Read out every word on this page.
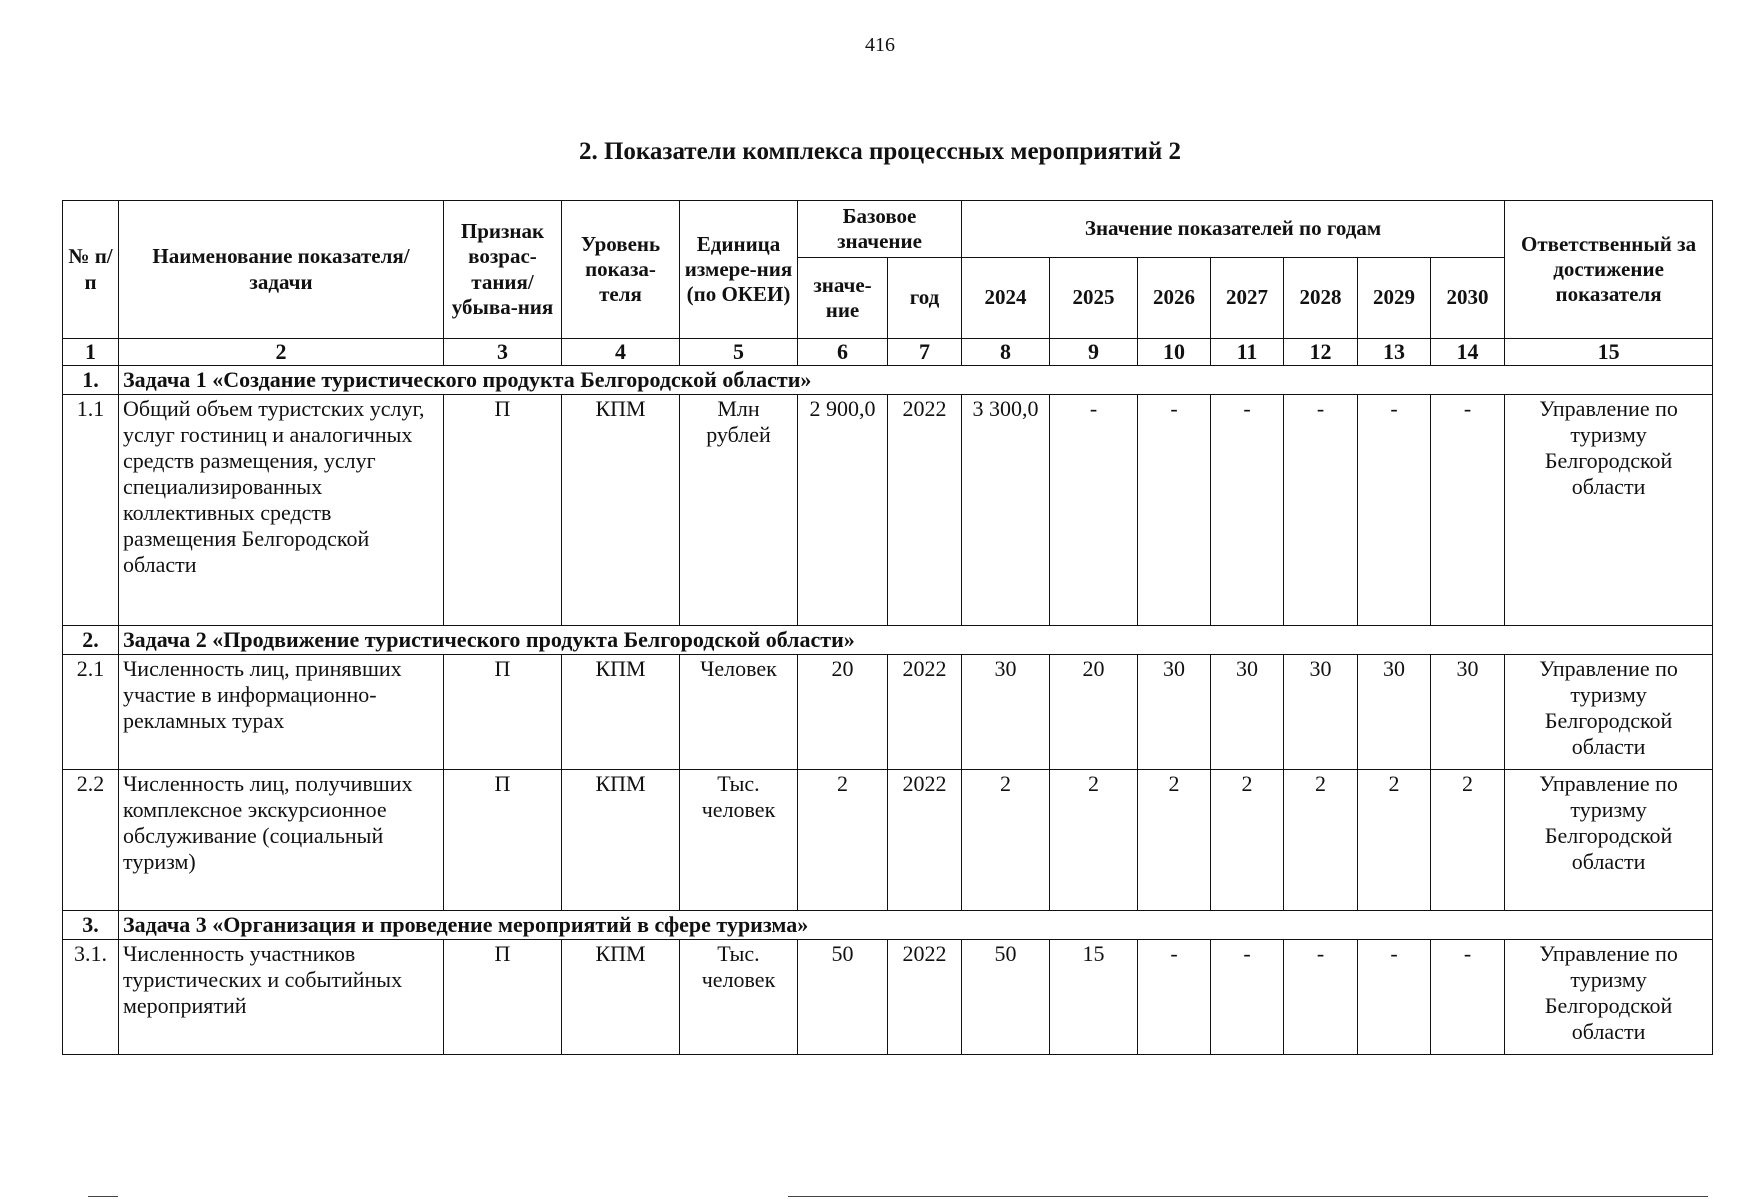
416
2. Показатели комплекса процессных мероприятий 2
№ п/п	Наименование показателя/задачи	Признак возрас-тания/ убыва-ния	Уровень показа-теля	Единица измере-ния (по ОКЕИ)	Базовое значение		Значение показателей по годам							Ответственный за достижение показателя
					значе-ние	год	2024	2025	2026	2027	2028	2029	2030	
1	2	3	4	5	6	7	8	9	10	11	12	13	14	15
1.	Задача 1 «Создание туристического продукта Белгородской области»													
1.1	Общий объем туристских услуг, услуг гостиниц и аналогичных средств размещения, услуг специализированных коллективных средств размещения Белгородской области	П	КПМ	Млн рублей	2 900,0	2022	3 300,0	-	-	-	-	-	-	Управление по туризму Белгородской области
2.	Задача 2 «Продвижение туристического продукта Белгородской области»													
2.1	Численность лиц, принявших участие в информационно-рекламных турах	П	КПМ	Человек	20	2022	30	20	30	30	30	30	30	Управление по туризму Белгородской области
2.2	Численность лиц, получивших комплексное экскурсионное обслуживание (социальный туризм)	П	КПМ	Тыс. человек	2	2022	2	2	2	2	2	2	2	Управление по туризму Белгородской области
3.	Задача 3 «Организация и проведение мероприятий в сфере туризма»													
3.1.	Численность участников туристических и событийных мероприятий	П	КПМ	Тыс. человек	50	2022	50	15	-	-	-	-	-	Управление по туризму Белгородской области
